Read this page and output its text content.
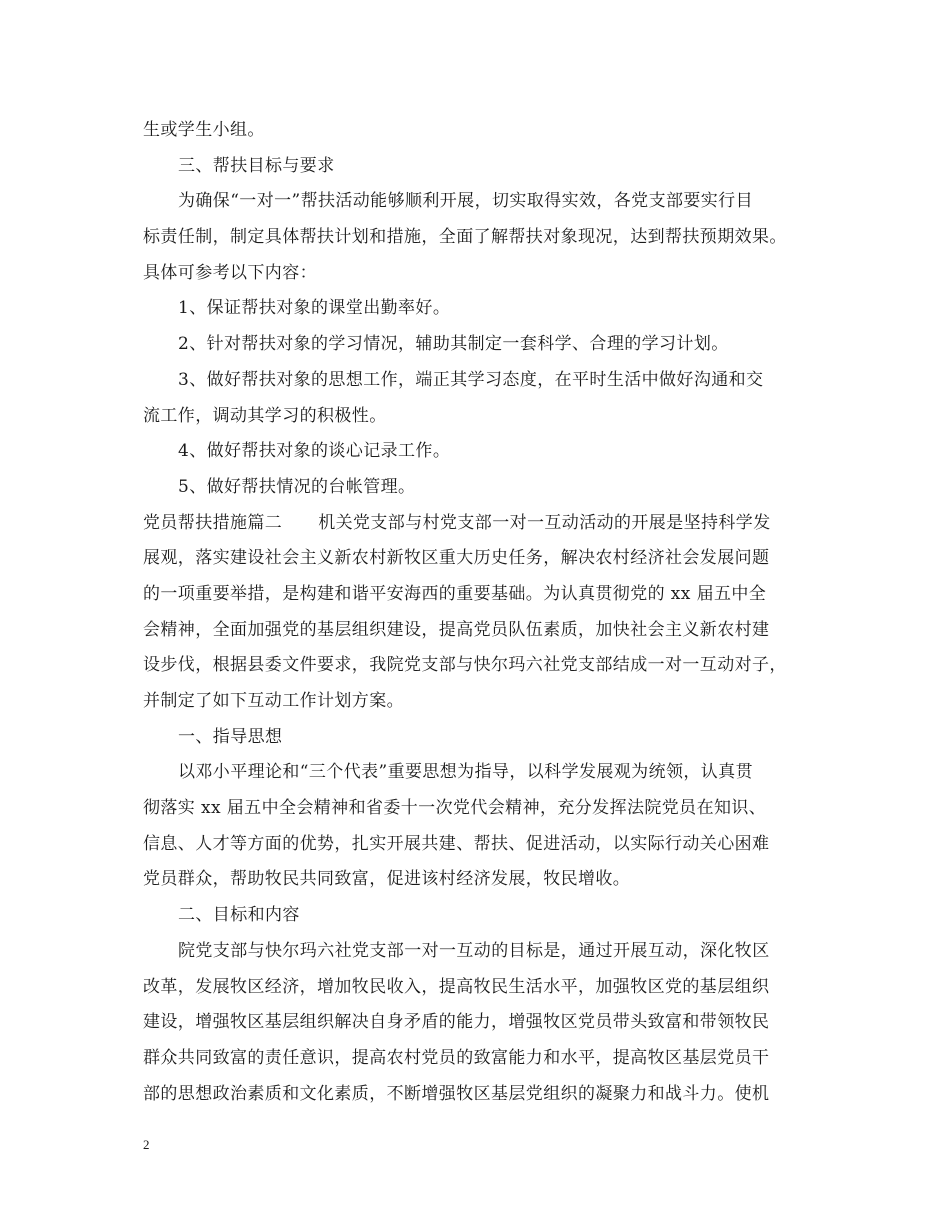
生或学生小组。
三、帮扶目标与要求
为确保“一对一”帮扶活动能够顺利开展，切实取得实效，各党支部要实行目
标责任制，制定具体帮扶计划和措施，全面了解帮扶对象现况，达到帮扶预期效果。
具体可参考以下内容：
1、保证帮扶对象的课堂出勤率好。
2、针对帮扶对象的学习情况，辅助其制定一套科学、合理的学习计划。
3、做好帮扶对象的思想工作，端正其学习态度，在平时生活中做好沟通和交
流工作，调动其学习的积极性。
4、做好帮扶对象的谈心记录工作。
5、做好帮扶情况的台帐管理。
党员帮扶措施篇二 机关党支部与村党支部一对一互动活动的开展是坚持科学发
展观，落实建设社会主义新农村新牧区重大历史任务，解决农村经济社会发展问题
的一项重要举措，是构建和谐平安海西的重要基础。为认真贯彻党的 xx 届五中全
会精神，全面加强党的基层组织建设，提高党员队伍素质，加快社会主义新农村建
设步伐，根据县委文件要求，我院党支部与快尔玛六社党支部结成一对一互动对子，
并制定了如下互动工作计划方案。
一、指导思想
以邓小平理论和“三个代表”重要思想为指导，以科学发展观为统领，认真贯
彻落实 xx 届五中全会精神和省委十一次党代会精神，充分发挥法院党员在知识、
信息、人才等方面的优势，扎实开展共建、帮扶、促进活动，以实际行动关心困难
党员群众，帮助牧民共同致富，促进该村经济发展，牧民增收。
二、目标和内容
院党支部与快尔玛六社党支部一对一互动的目标是，通过开展互动，深化牧区
改革，发展牧区经济，增加牧民收入，提高牧民生活水平，加强牧区党的基层组织
建设，增强牧区基层组织解决自身矛盾的能力，增强牧区党员带头致富和带领牧民
群众共同致富的责任意识，提高农村党员的致富能力和水平，提高牧区基层党员干
部的思想政治素质和文化素质，不断增强牧区基层党组织的凝聚力和战斗力。使机
2
